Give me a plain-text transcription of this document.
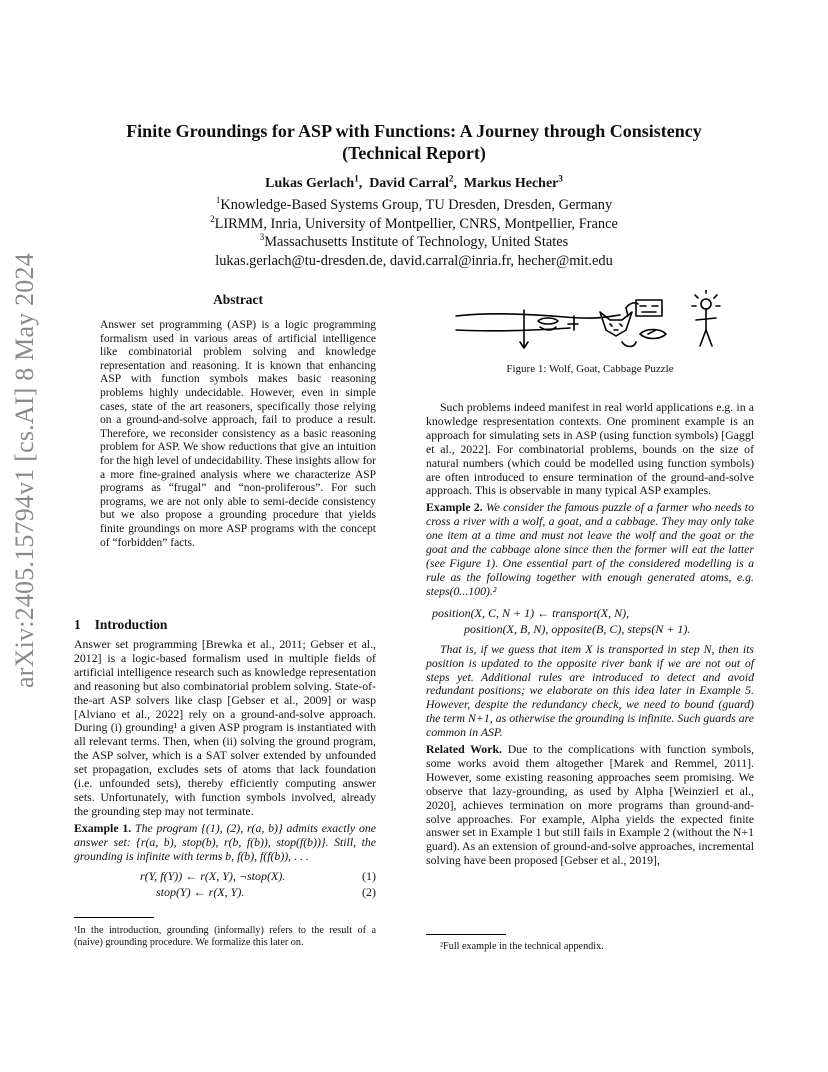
arXiv:2405.15794v1 [cs.AI] 8 May 2024
Finite Groundings for ASP with Functions: A Journey through Consistency
(Technical Report)
Lukas Gerlach$^1$,  David Carral$^2$,  Markus Hecher$^3$
$^1$Knowledge-Based Systems Group, TU Dresden, Dresden, Germany
$^2$LIRMM, Inria, University of Montpellier, CNRS, Montpellier, France
$^3$Massachusetts Institute of Technology, United States
lukas.gerlach@tu-dresden.de, david.carral@inria.fr, hecher@mit.edu
Abstract
Answer set programming (ASP) is a logic programming formalism used in various areas of artificial intelligence like combinatorial problem solving and knowledge representation and reasoning. It is known that enhancing ASP with function symbols makes basic reasoning problems highly undecidable. However, even in simple cases, state of the art reasoners, specifically those relying on a ground-and-solve approach, fail to produce a result. Therefore, we reconsider consistency as a basic reasoning problem for ASP. We show reductions that give an intuition for the high level of undecidability. These insights allow for a more fine-grained analysis where we characterize ASP programs as “frugal” and “non-proliferous”. For such programs, we are not only able to semi-decide consistency but we also propose a grounding procedure that yields finite groundings on more ASP programs with the concept of “forbidden” facts.
1 Introduction

Answer set programming [Brewka et al., 2011; Gebser et al., 2012] is a logic-based formalism used in multiple fields of artificial intelligence research such as knowledge representation and reasoning but also combinatorial problem solving. State-of-the-art ASP solvers like clasp [Gebser et al., 2009] or wasp [Alviano et al., 2022] rely on a ground-and-solve approach. During (i) grounding¹ a given ASP program is instantiated with all relevant terms. Then, when (ii) solving the ground program, the ASP solver, which is a SAT solver extended by unfounded set propagation, excludes sets of atoms that lack foundation (i.e. unfounded sets), thereby efficiently computing answer sets. Unfortunately, with function symbols involved, already the grounding step may not terminate.

Example 1. The program {(1), (2), r(a, b)} admits exactly one answer set: {r(a, b), stop(b), r(b, f(b)), stop(f(b))}. Still, the grounding is infinite with terms b, f(b), f(f(b)), . . .

r(Y, f(Y)) ← r(X, Y), ¬stop(X).	(1)
stop(Y) ← r(X, Y).	(2)
¹In the introduction, grounding (informally) refers to the result of a (naive) grounding procedure. We formalize this later on.
Figure 1: Wolf, Goat, Cabbage Puzzle

Such problems indeed manifest in real world applications e.g. in a knowledge respresentation contexts. One prominent example is an approach for simulating sets in ASP (using function symbols) [Gaggl et al., 2022]. For combinatorial problems, bounds on the size of natural numbers (which could be modelled using function symbols) are often introduced to ensure termination of the ground-and-solve approach. This is observable in many typical ASP examples.

Example 2. We consider the famous puzzle of a farmer who needs to cross a river with a wolf, a goat, and a cabbage. They may only take one item at a time and must not leave the wolf and the goat or the goat and the cabbage alone since then the former will eat the latter (see Figure 1). One essential part of the considered modelling is a rule as the following together with enough generated atoms, e.g. steps(0...100).²

position(X, C, N + 1) ← transport(X, N),
position(X, B, N), opposite(B, C), steps(N + 1).

That is, if we guess that item X is transported in step N, then its position is updated to the opposite river bank if we are not out of steps yet. Additional rules are introduced to detect and avoid redundant positions; we elaborate on this idea later in Example 5. However, despite the redundancy check, we need to bound (guard) the term N+1, as otherwise the grounding is infinite. Such guards are common in ASP.

Related Work. Due to the complications with function symbols, some works avoid them altogether [Marek and Remmel, 2011]. However, some existing reasoning approaches seem promising. We observe that lazy-grounding, as used by Alpha [Weinzierl et al., 2020], achieves termination on more programs than ground-and-solve approaches. For example, Alpha yields the expected finite answer set in Example 1 but still fails in Example 2 (without the N+1 guard). As an extension of ground-and-solve approaches, incremental solving have been proposed [Gebser et al., 2019],

²Full example in the technical appendix.
